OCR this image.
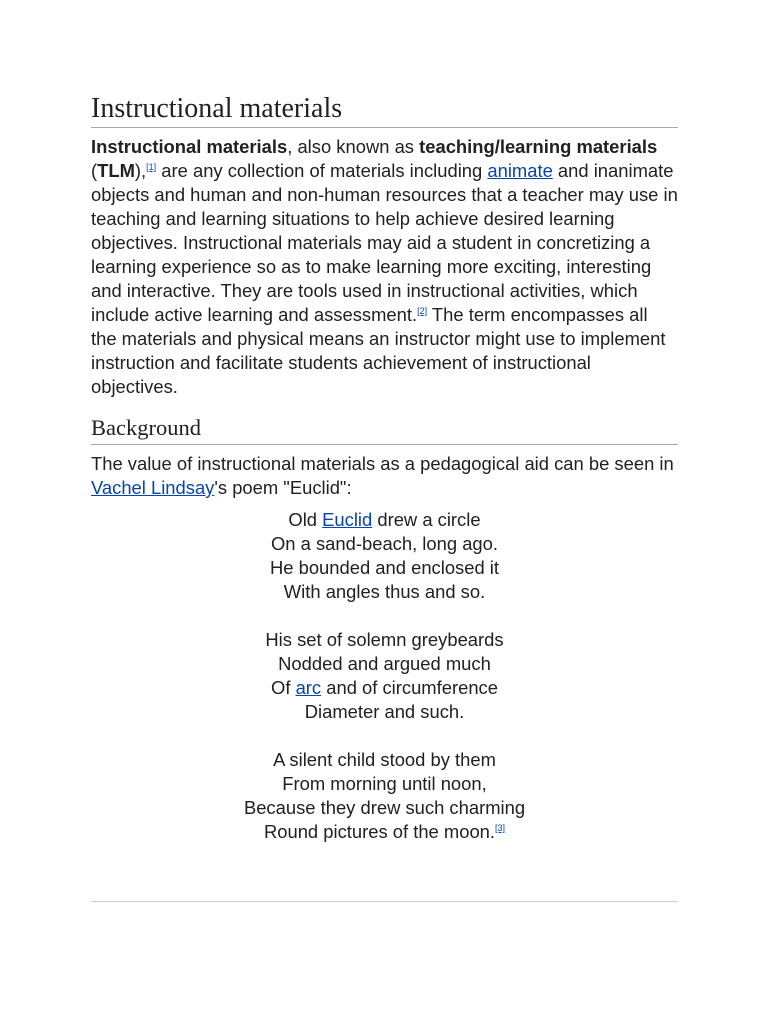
Instructional materials

Instructional materials, also known as teaching/learning materials (TLM),[1] are any collection of materials including animate and inanimate objects and human and non-human resources that a teacher may use in teaching and learning situations to help achieve desired learning objectives. Instructional materials may aid a student in concretizing a learning experience so as to make learning more exciting, interesting and interactive. They are tools used in instructional activities, which include active learning and assessment.[2] The term encompasses all the materials and physical means an instructor might use to implement instruction and facilitate students achievement of instructional objectives.

Background

The value of instructional materials as a pedagogical aid can be seen in Vachel Lindsay's poem "Euclid":

Old Euclid drew a circle
On a sand-beach, long ago.
He bounded and enclosed it
With angles thus and so.
His set of solemn greybeards
Nodded and argued much
Of arc and of circumference
Diameter and such.
A silent child stood by them
From morning until noon,
Because they drew such charming
Round pictures of the moon.[3]
